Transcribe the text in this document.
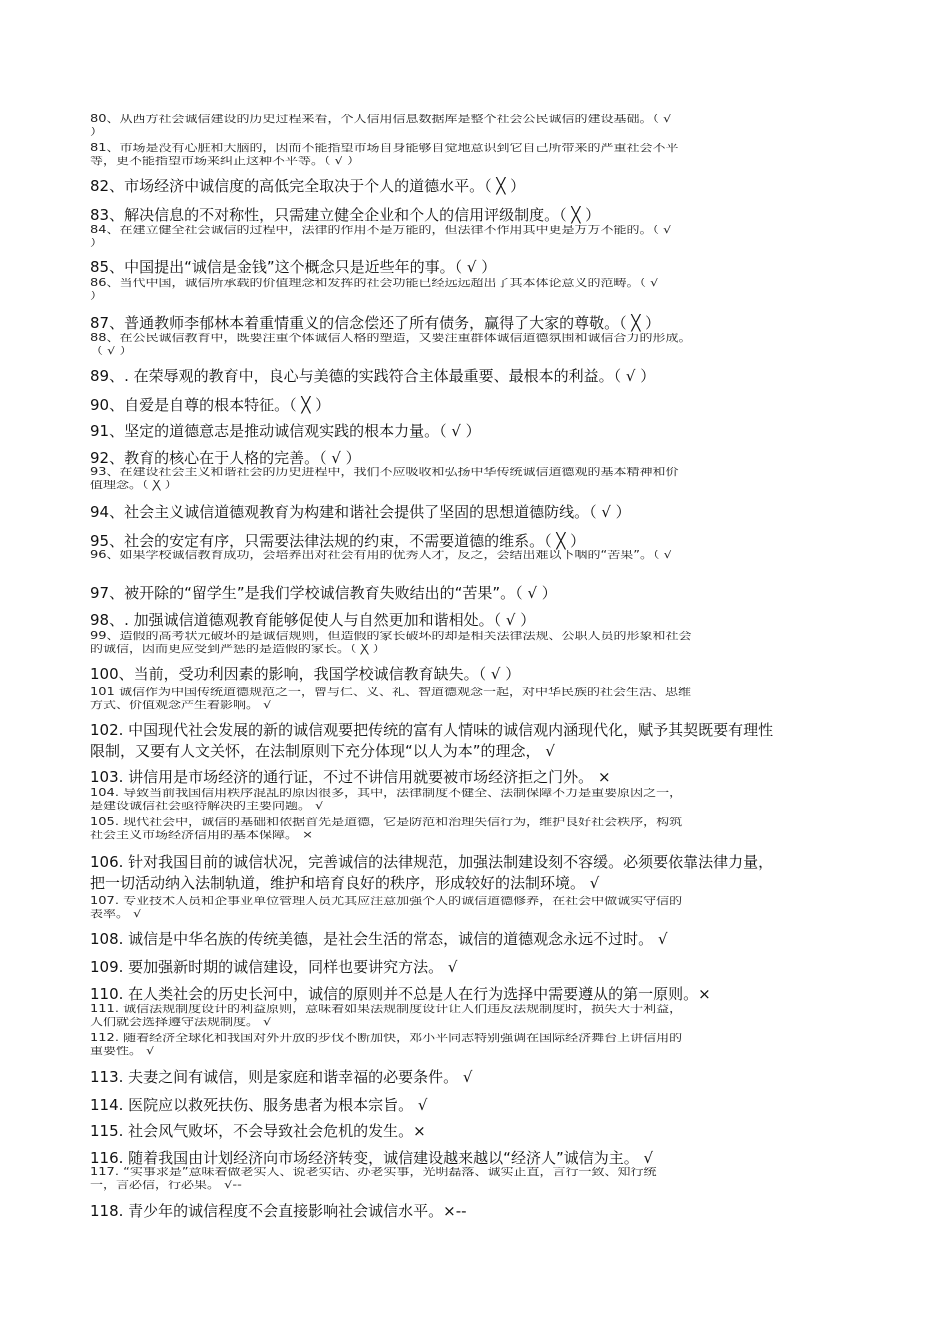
80、从西方社会诚信建设的历史过程来看，个人信用信息数据库是整个社会公民诚信的建设基础。（ √
）
81、市场是没有心脏和大脑的，因而不能指望市场自身能够自觉地意识到它自己所带来的严重社会不平
等，更不能指望市场来纠正这种不平等。（ √ ）
82、市场经济中诚信度的高低完全取决于个人的道德水平。（ ╳ ）
83、解决信息的不对称性，只需建立健全企业和个人的信用评级制度。（ ╳ ）
84、在建立健全社会诚信的过程中，法律的作用不是万能的，但法律不作用其中更是万万不能的。（ √
）
85、中国提出“诚信是金钱”这个概念只是近些年的事。（ √ ）
86、当代中国，诚信所承载的价值理念和发挥的社会功能已经远远超出了其本体论意义的范畴。（ √
）
87、普通教师李郁林本着重情重义的信念偿还了所有债务，赢得了大家的尊敬。（ ╳ ）
88、在公民诚信教育中，既要注重个体诚信人格的塑造，又要注重群体诚信道德氛围和诚信合力的形成。
（ √ ）
89、. 在荣辱观的教育中，良心与美德的实践符合主体最重要、最根本的利益。（ √ ）
90、自爱是自尊的根本特征。（ ╳ ）
91、坚定的道德意志是推动诚信观实践的根本力量。（ √ ）
92、教育的核心在于人格的完善。（ √ ）
93、在建设社会主义和谐社会的历史进程中，我们不应吸收和弘扬中华传统诚信道德观的基本精神和价
值理念。（ ╳ ）
94、社会主义诚信道德观教育为构建和谐社会提供了坚固的思想道德防线。（ √ ）
95、社会的安定有序，只需要法律法规的约束，不需要道德的维系。（ ╳ ）
96、如果学校诚信教育成功，会培养出对社会有用的优秀人才，反之，会结出难以下咽的“苦果”。（ √
97、被开除的“留学生”是我们学校诚信教育失败结出的“苦果”。（ √ ）
98、. 加强诚信道德观教育能够促使人与自然更加和谐相处。（ √ ）
99、造假的高考状元破坏的是诚信规则，但造假的家长破坏的却是相关法律法规、公职人员的形象和社会
的诚信，因而更应受到严惩的是造假的家长。（ ╳ ）
100、当前，受功利因素的影响，我国学校诚信教育缺失。（ √ ）
101 诚信作为中国传统道德规范之一，曾与仁、义、礼、智道德观念一起，对中华民族的社会生活、思维
方式、价值观念产生着影响。 √
102. 中国现代社会发展的新的诚信观要把传统的富有人情味的诚信观内涵现代化，赋予其契既要有理性
限制，又要有人文关怀，在法制原则下充分体现“以人为本”的理念， √
103. 讲信用是市场经济的通行证，不过不讲信用就要被市场经济拒之门外。 ×
104. 导致当前我国信用秩序混乱的原因很多，其中，法律制度不健全、法制保障不力是重要原因之一，
是建设诚信社会亟待解决的主要问题。 √
105. 现代社会中，诚信的基础和依据首先是道德，它是防范和治理失信行为，维护良好社会秩序，构筑
社会主义市场经济信用的基本保障。 ×
106. 针对我国目前的诚信状况，完善诚信的法律规范，加强法制建设刻不容缓。必须要依靠法律力量，
把一切活动纳入法制轨道，维护和培育良好的秩序，形成较好的法制环境。 √
107. 专业技术人员和企事业单位管理人员尤其应注意加强个人的诚信道德修养，在社会中做诚实守信的
表率。 √
108. 诚信是中华名族的传统美德，是社会生活的常态，诚信的道德观念永远不过时。 √
109. 要加强新时期的诚信建设，同样也要讲究方法。 √
110. 在人类社会的历史长河中，诚信的原则并不总是人在行为选择中需要遵从的第一原则。×
111. 诚信法规制度设计的利益原则，意味着如果法规制度设计让人们违反法规制度时，损失大于利益，
人们就会选择遵守法规制度。 √
112. 随着经济全球化和我国对外开放的步伐不断加快，邓小平同志特别强调在国际经济舞台上讲信用的
重要性。 √
113. 夫妻之间有诚信，则是家庭和谐幸福的必要条件。 √
114. 医院应以救死扶伤、服务患者为根本宗旨。 √
115. 社会风气败坏，不会导致社会危机的发生。×
116. 随着我国由计划经济向市场经济转变，诚信建设越来越以“经济人”诚信为主。 √
117. “实事求是”意味着做老实人、说老实话、办老实事，光明磊落、诚实正直，言行一致、知行统
一，言必信，行必果。 √--
118. 青少年的诚信程度不会直接影响社会诚信水平。×--
